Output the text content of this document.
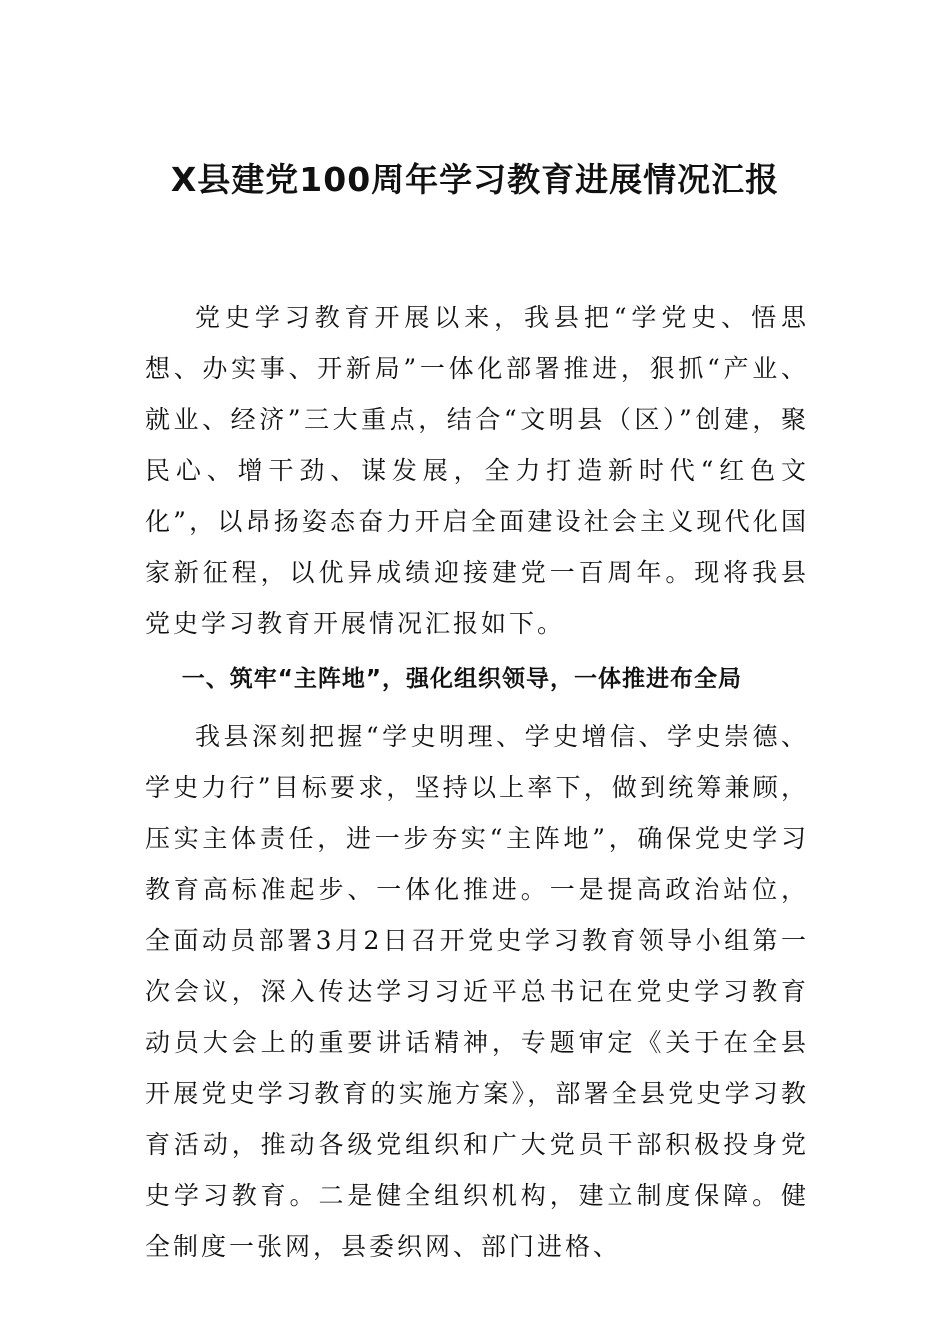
X县建党100周年学习教育进展情况汇报

党史学习教育开展以来，我县把“学党史、悟思想、办实事、开新局”一体化部署推进，狠抓“产业、就业、经济”三大重点，结合“文明县（区）”创建，聚民心、增干劲、谋发展，全力打造新时代“红色文化”，以昂扬姿态奋力开启全面建设社会主义现代化国家新征程，以优异成绩迎接建党一百周年。现将我县党史学习教育开展情况汇报如下。

一、筑牢“主阵地”，强化组织领导，一体推进布全局

我县深刻把握“学史明理、学史增信、学史崇德、学史力行”目标要求，坚持以上率下，做到统筹兼顾，压实主体责任，进一步夯实“主阵地”，确保党史学习教育高标准起步、一体化推进。一是提高政治站位，全面动员部署3月2日召开党史学习教育领导小组第一次会议，深入传达学习习近平总书记在党史学习教育动员大会上的重要讲话精神，专题审定《关于在全县开展党史学习教育的实施方案》，部署全县党史学习教育活动，推动各级党组织和广大党员干部积极投身党史学习教育。二是健全组织机构，建立制度保障。健全制度一张网，县委织网、部门进格、
